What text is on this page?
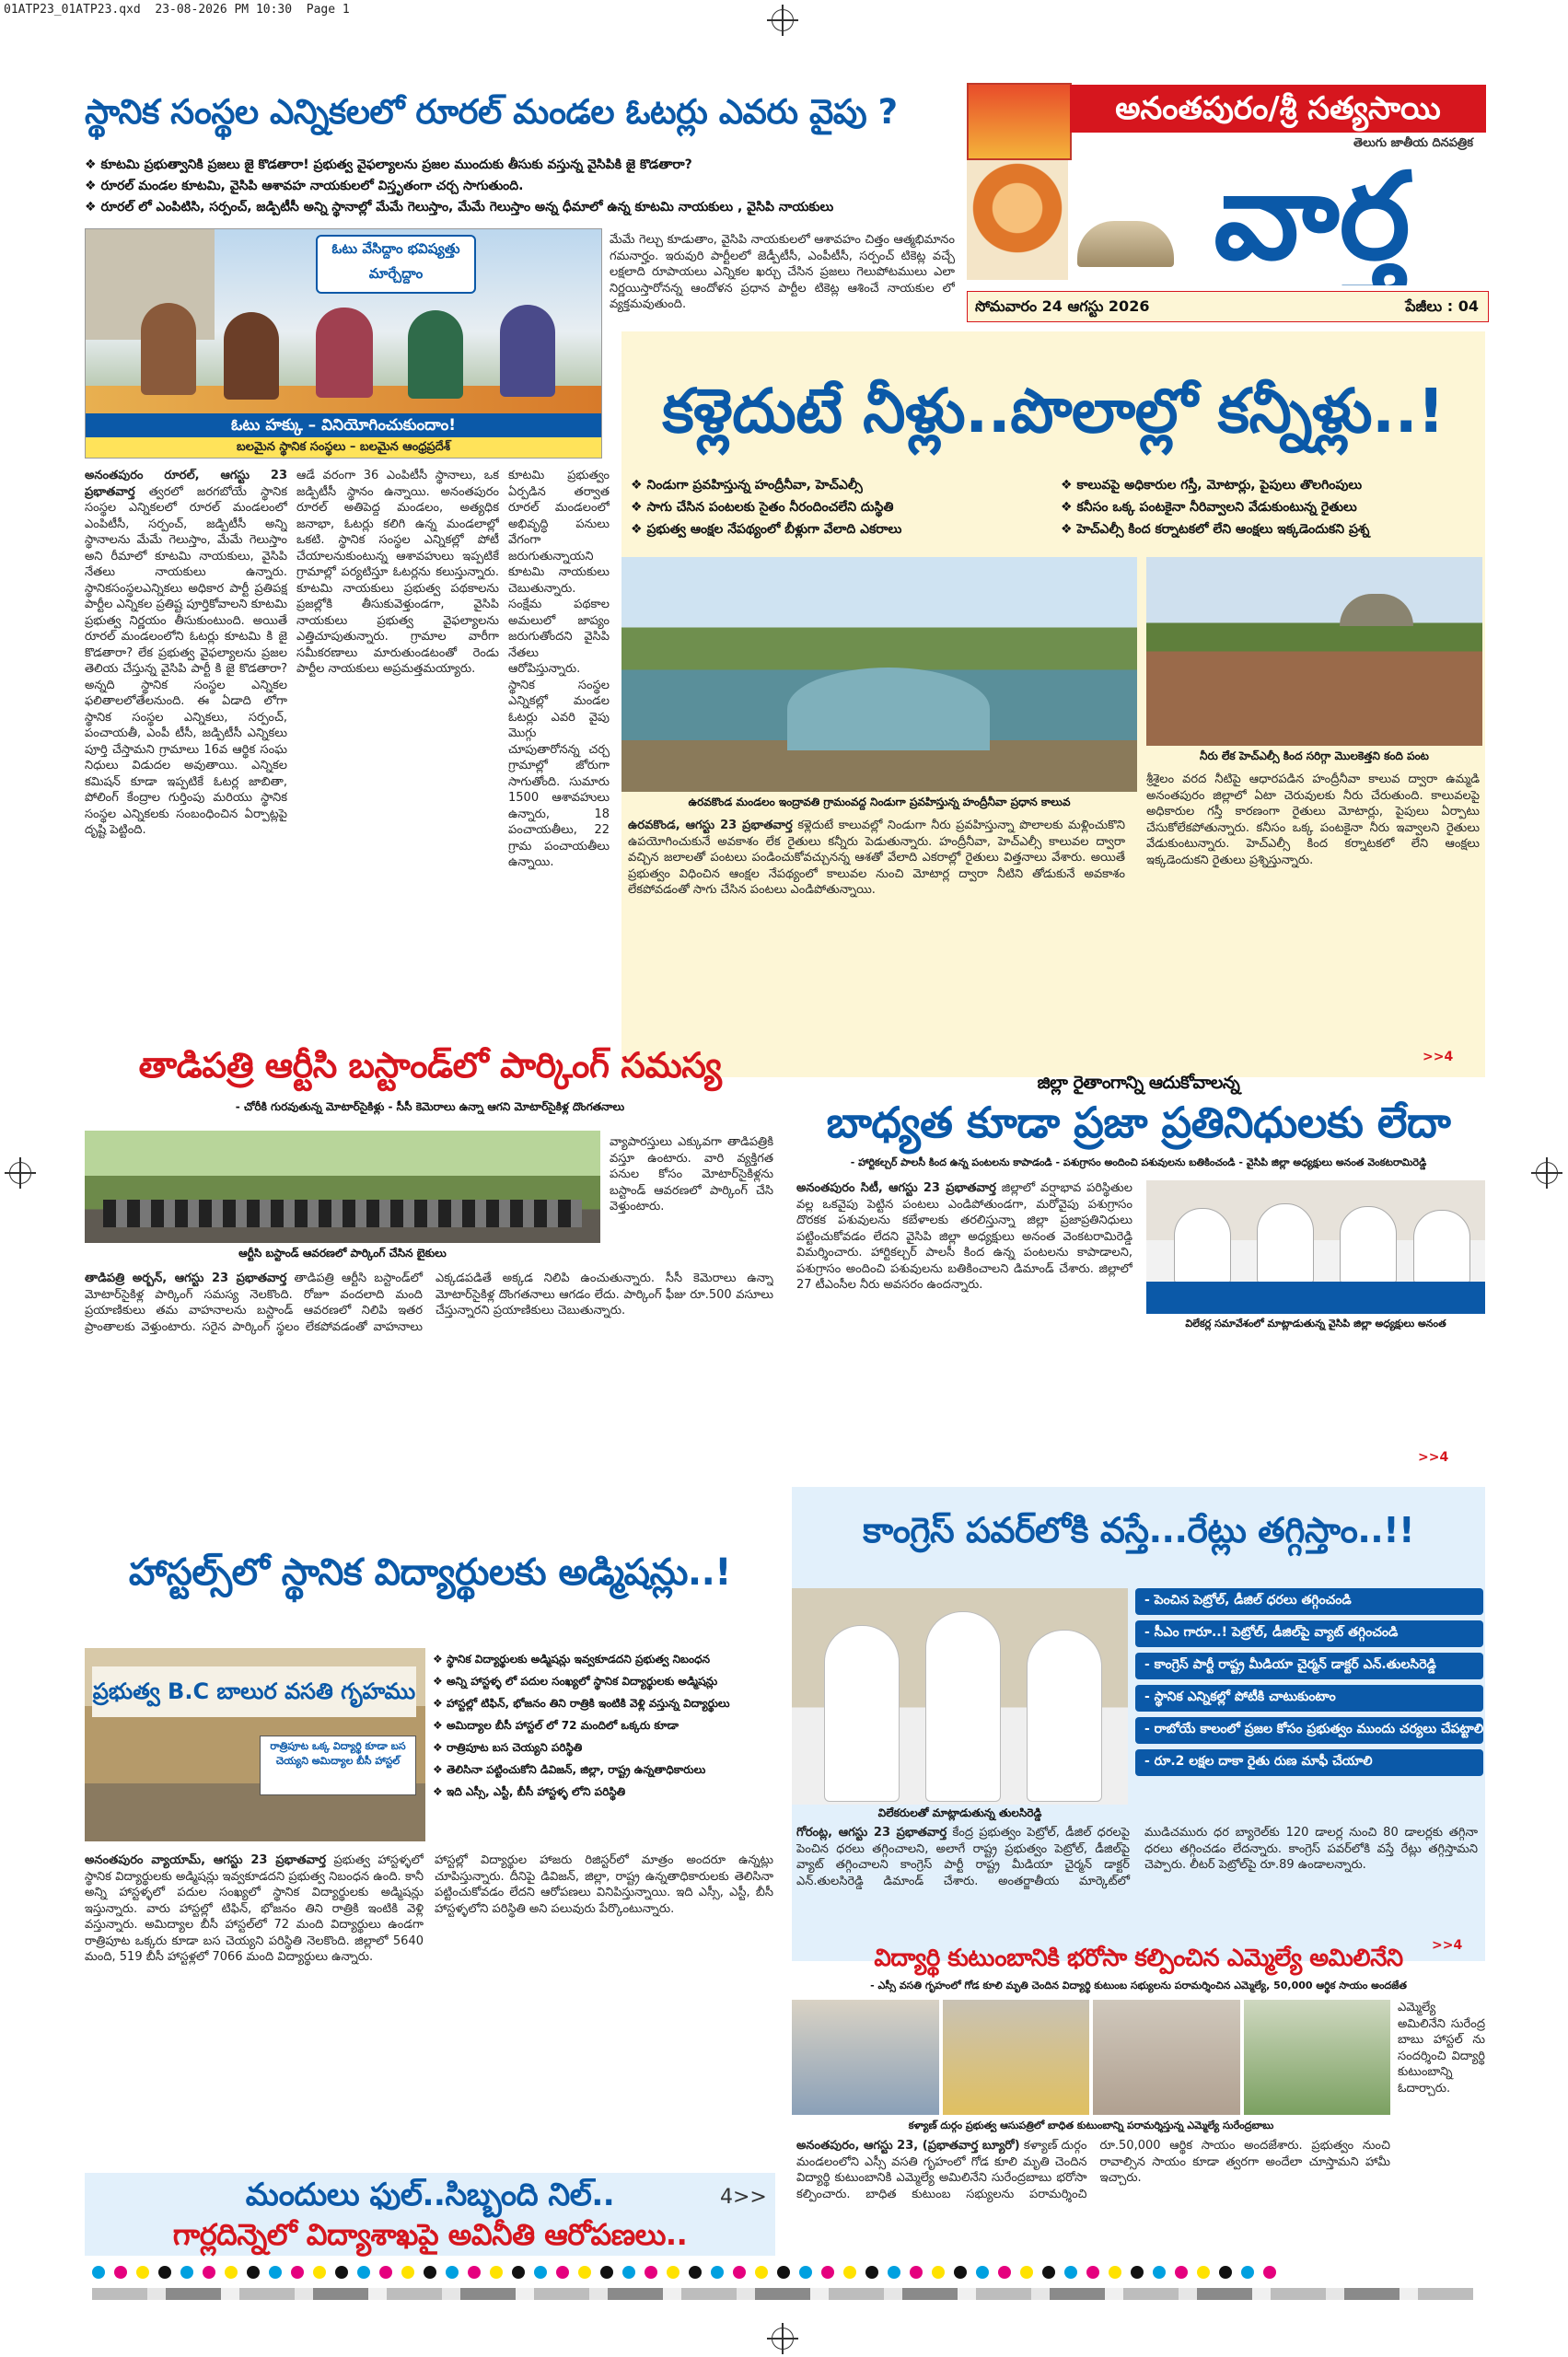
01ATP23_01ATP23.qxd 23-08-2026 PM 10:30 Page 1
స్థానిక సంస్థల ఎన్నికలలో రూరల్ మండల ఓటర్లు ఎవరు వైపు ?
❖ కూటమి ప్రభుత్వానికి ప్రజలు జై కొడతారా! ప్రభుత్వ వైఫల్యాలను ప్రజల ముందుకు తీసుకు వస్తున్న వైసిపికి జై కొడతారా?
❖ రూరల్ మండల కూటమి, వైసిపి ఆశావహ నాయకులలో విస్తృతంగా చర్చ సాగుతుంది.
❖ రూరల్ లో ఎంపిటిసి, సర్పంచ్, జడ్పిటీసీ అన్ని స్థానాల్లో మేమే గెలుస్తాం, మేమే గెలుస్తాం అన్న ధీమాలో ఉన్న కూటమి నాయకులు , వైసిపి నాయకులు
ఓటు వేసిద్దాం భవిష్యత్తు మార్చేద్దాం
ఓటు హక్కు – వినియోగించుకుందాం!
బలమైన స్థానిక సంస్థలు – బలమైన ఆంధ్రప్రదేశ్
మేమే గెల్చు కూడుతాం, వైసిపి నాయకులలో ఆశావహం చిత్త‌ం ఆత్మభిమానం గమనార్హం. ఇరువురి పార్టీలలో జెడ్పీటీసీ, ఎంపీటీసీ, సర్పంచ్ టికెట్ల వచ్చే లక్షలాది రూపాయలు ఎన్నికల ఖర్చు చేసిన ప్రజలు గెలుపోటములు ఎలా నిర్ణయిస్తారోనన్న ఆందోళన ప్రధాన పార్టీల టికెట్ల ఆశించే నాయకుల లో వ్యక్తమవుతుంది.
అనంతపురం రూరల్, ఆగస్టు 23 ప్రభాతవార్త త్వరలో జరగబోయే స్థానిక సంస్థల ఎన్నికలలో రూరల్ మండలంలో ఎంపిటీసీ, సర్పంచ్, జడ్పిటీసీ అన్ని స్థానాలను మేమే గెలుస్తాం, మేమే గెలుస్తాం అని రీమాలో కూటమి నాయకులు, వైసిపి నేతలు నాయకులు ఉన్నారు. స్థానికసంస్థలఎన్నికలు అధికార పార్టీ ప్రతిపక్ష పార్టీల ఎన్నికల ప్రతిష్ట పూర్తికోవాలని కూటమి ప్రభుత్వ నిర్ణయం తీసుకుంటుంది. అయితే రూరల్ మండలంలోని ఓటర్లు కూటమి కి జై కొడతారా? లేక ప్రభుత్వ వైఫల్యాలను ప్రజల తెలియ చేస్తున్న వైసిపి పార్టీ కి జై కొడతారా? అన్నది స్థానిక సంస్థల ఎన్నికల ఫలితాలలోతేలనుంది. ఈ ఏడాది లోగా స్థానిక సంస్థల ఎన్నికలు, సర్పంచ్, పంచాయతీ, ఎంపీ టీసీ, జడ్పిటీసీ ఎన్నికలు పూర్తి చేస్తామని గ్రామాలు 16వ ఆర్థిక సంఘ నిధులు విడుదల అవుతాయి. ఎన్నికల కమిషన్ కూడా ఇప్పటికే ఓటర్ల జాబితా, పోలింగ్ కేంద్రాల గుర్తింపు మరియు స్థానిక సంస్థల ఎన్నికలకు సంబంధించిన ఏర్పాట్లపై దృష్టి పెట్టింది.
ఆడే వరంగా 36 ఎంపిటీసీ స్థానాలు, ఒక జడ్పిటీసీ స్థానం ఉన్నాయి. అనంతపురం రూరల్ అతిపెద్ద మండలం, అత్యధిక జనాభా, ఓటర్లు కలిగి ఉన్న మండలాల్లో ఒకటి. స్థానిక సంస్థల ఎన్నికల్లో పోటీ చేయాలనుకుంటున్న ఆశావహులు ఇప్పటికే గ్రామాల్లో పర్యటిస్తూ ఓటర్లను కలుస్తున్నారు. కూటమి నాయకులు ప్రభుత్వ పథకాలను ప్రజల్లోకి తీసుకువెళ్తుండగా, వైసిపి నాయకులు ప్రభుత్వ వైఫల్యాలను ఎత్తిచూపుతున్నారు. గ్రామాల వారీగా సమీకరణాలు మారుతుండటంతో రెండు పార్టీల నాయకులు అప్రమత్తమయ్యారు.
కూటమి ప్రభుత్వం ఏర్పడిన తర్వాత రూరల్ మండలంలో అభివృద్ధి పనులు వేగంగా జరుగుతున్నాయని కూటమి నాయకులు చెబుతున్నారు. సంక్షేమ పథకాల అమలులో జాప్యం జరుగుతోందని వైసిపి నేతలు ఆరోపిస్తున్నారు. స్థానిక సంస్థల ఎన్నికల్లో మండల ఓటర్లు ఎవరి వైపు మొగ్గు చూపుతారోనన్న చర్చ గ్రామాల్లో జోరుగా సాగుతోంది. సుమారు 1500 ఆశావహులు ఉన్నారు, 18 పంచాయతీలు, 22 గ్రామ పంచాయతీలు ఉన్నాయి.
అనంతపురం/శ్రీ సత్యసాయి
తెలుగు జాతీయ దినపత్రిక
వార్త
సోమవారం 24 ఆగస్టు 2026	పేజీలు : 04
కళ్లెదుటే నీళ్లు..పొలాల్లో కన్నీళ్లు..!
❖ నిండుగా ప్రవహిస్తున్న హంద్రీనీవా, హెచ్ఎల్సీ
❖ సాగు చేసిన పంటలకు సైతం నీరందించలేని దుస్థితి
❖ ప్రభుత్వ ఆంక్షల నేపథ్యంలో బీళ్లుగా వేలాది ఎకరాలు
❖ కాలువపై అధికారుల గస్తీ, మోటార్లు, పైపులు తొలగింపులు
❖ కనీసం ఒక్క పంటకైనా నీరివ్వాలని వేడుకుంటున్న రైతులు
❖ హెచ్ఎల్సీ కింద కర్నాటకలో లేని ఆంక్షలు ఇక్కడెందుకని ప్రశ్న
ఉరవకొండ మండలం ఇంద్రావతి గ్రామంవద్ద నిండుగా ప్రవహిస్తున్న హంద్రీనీవా ప్రధాన కాలువ
నీరు లేక హెచ్ఎల్సీ కింద సరిగ్గా మొలకెత్తని కంది పంట
ఉరవకొండ, ఆగస్టు 23 ప్రభాతవార్త కళ్లెదుటే కాలువల్లో నిండుగా నీరు ప్రవహిస్తున్నా పొలాలకు మళ్లించుకొని ఉపయోగించుకునే అవకాశం లేక రైతులు కన్నీరు పెడుతున్నారు. హంద్రీనీవా, హెచ్ఎల్సీ కాలువల ద్వారా వచ్చిన జలాలతో పంటలు పండించుకోవచ్చునన్న ఆశతో వేలాది ఎకరాల్లో రైతులు విత్తనాలు వేశారు. అయితే ప్రభుత్వం విధించిన ఆంక్షల నేపథ్యంలో కాలువల నుంచి మోటార్ల ద్వారా నీటిని తోడుకునే అవకాశం లేకపోవడంతో సాగు చేసిన పంటలు ఎండిపోతున్నాయి.
శ్రీశైలం వరద నీటిపై ఆధారపడిన హంద్రీనీవా కాలువ ద్వారా ఉమ్మడి అనంతపురం జిల్లాలో ఏటా చెరువులకు నీరు చేరుతుంది. కాలువలపై అధికారుల గస్తీ కారణంగా రైతులు మోటార్లు, పైపులు ఏర్పాటు చేసుకోలేకపోతున్నారు. కనీసం ఒక్క పంటకైనా నీరు ఇవ్వాలని రైతులు వేడుకుంటున్నారు. హెచ్ఎల్సీ కింద కర్నాటకలో లేని ఆంక్షలు ఇక్కడెందుకని రైతులు ప్రశ్నిస్తున్నారు.
>>4
తాడిపత్రి ఆర్టీసి బస్టాండ్‌లో పార్కింగ్ సమస్య
- చోరీకి గురవుతున్న మోటార్‌సైకిళ్లు - సీసీ కెమెరాలు ఉన్నా ఆగని మోటార్‌సైకిళ్ల దొంగతనాలు
ఆర్టీసి బస్టాండ్ ఆవరణలో పార్కింగ్ చేసిన బైకులు
వ్యాపారస్తులు ఎక్కువగా తాడిపత్రికి వస్తూ ఉంటారు. వారి వ్యక్తిగత పనుల కోసం మోటార్‌సైకిళ్లను బస్టాండ్ ఆవరణలో పార్కింగ్ చేసి వెళ్తుంటారు.
తాడిపత్రి అర్బన్, ఆగస్టు 23 ప్రభాతవార్త తాడిపత్రి ఆర్టీసి బస్టాండ్‌లో మోటార్‌సైకిళ్ల పార్కింగ్ సమస్య నెలకొంది. రోజూ వందలాది మంది ప్రయాణికులు తమ వాహనాలను బస్టాండ్ ఆవరణలో నిలిపి ఇతర ప్రాంతాలకు వెళ్తుంటారు. సరైన పార్కింగ్ స్థలం లేకపోవడంతో వాహనాలు ఎక్కడపడితే అక్కడ నిలిపి ఉంచుతున్నారు. సీసీ కెమెరాలు ఉన్నా మోటార్‌సైకిళ్ల దొంగతనాలు ఆగడం లేదు. పార్కింగ్ ఫీజు రూ.500 వసూలు చేస్తున్నారని ప్రయాణికులు చెబుతున్నారు.
జిల్లా రైతాంగాన్ని ఆదుకోవాలన్న
బాధ్యత కూడా ప్రజా ప్రతినిధులకు లేదా
- హార్టికల్చర్ పాలసీ కింద ఉన్న పంటలను కాపాడండి - పశుగ్రాసం అందించి పశువులను బతికించండి - వైసిపి జిల్లా అధ్యక్షులు అనంత వెంకటరామిరెడ్డి
అనంతపురం సిటీ, ఆగస్టు 23 ప్రభాతవార్త జిల్లాలో వర్షాభావ పరిస్థితుల వల్ల ఒకవైపు పెట్టిన పంటలు ఎండిపోతుండగా, మరోవైపు పశుగ్రాసం దొరకక పశువులను కబేళాలకు తరలిస్తున్నా జిల్లా ప్రజాప్రతినిధులు పట్టించుకోవడం లేదని వైసిపి జిల్లా అధ్యక్షులు అనంత వెంకటరామిరెడ్డి విమర్శించారు. హార్టికల్చర్ పాలసీ కింద ఉన్న పంటలను కాపాడాలని, పశుగ్రాసం అందించి పశువులను బతికించాలని డిమాండ్ చేశారు. జిల్లాలో 27 టీఎంసీల నీరు అవసరం ఉందన్నారు.
విలేకర్ల సమావేశంలో మాట్లాడుతున్న వైసిపి జిల్లా అధ్యక్షులు అనంత
>>4
హాస్టల్స్‌లో స్థానిక విద్యార్థులకు అడ్మిషన్లు..!
ప్రభుత్వ B.C బాలుర వసతి గృహము
రాత్రిపూట ఒక్క విద్యార్థి కూడా బస చెయ్యని అమిద్యాల బీసీ హాస్టల్
❖ స్థానిక విద్యార్థులకు అడ్మిషన్లు ఇవ్వకూడదని ప్రభుత్వ నిబంధన
❖ అన్ని హాస్టళ్ళ లో పదుల సంఖ్యలో స్థానిక విద్యార్థులకు అడ్మిషన్లు
❖ హాస్టల్లో టిఫిన్, భోజనం తిని రాత్రికి ఇంటికి వెళ్లి వస్తున్న విద్యార్థులు
❖ అమిద్యాల బీసీ హాస్టల్ లో 72 మందిలో ఒక్కరు కూడా
❖ రాత్రిపూట బస చెయ్యని పరిస్థితి
❖ తెలిసినా పట్టించుకోని డివిజన్, జిల్లా, రాష్ట్ర ఉన్నతాధికారులు
❖ ఇది ఎస్సీ, ఎస్టీ, బీసీ హాస్టళ్ళ లోని పరిస్థితి
అనంతపురం వ్యాయామ్, ఆగస్టు 23 ప్రభాతవార్త ప్రభుత్వ హాస్టళ్ళలో స్థానిక విద్యార్థులకు అడ్మిషన్లు ఇవ్వకూడదని ప్రభుత్వ నిబంధన ఉంది. కానీ అన్ని హాస్టళ్ళలో పదుల సంఖ్యలో స్థానిక విద్యార్థులకు అడ్మిషన్లు ఇస్తున్నారు. వారు హాస్టల్లో టిఫిన్, భోజనం తిని రాత్రికి ఇంటికి వెళ్లి వస్తున్నారు. అమిద్యాల బీసీ హాస్టల్‌లో 72 మంది విద్యార్థులు ఉండగా రాత్రిపూట ఒక్కరు కూడా బస చెయ్యని పరిస్థితి నెలకొంది. జిల్లాలో 5640 మంది, 519 బీసీ హాస్టళ్లలో 7066 మంది విద్యార్థులు ఉన్నారు.
హాస్టల్లో విద్యార్థుల హాజరు రిజిస్టర్‌లో మాత్రం అందరూ ఉన్నట్లు చూపిస్తున్నారు. దీనిపై డివిజన్, జిల్లా, రాష్ట్ర ఉన్నతాధికారులకు తెలిసినా పట్టించుకోవడం లేదని ఆరోపణలు వినిపిస్తున్నాయి. ఇది ఎస్సీ, ఎస్టీ, బీసీ హాస్టళ్ళలోని పరిస్థితి అని పలువురు పేర్కొంటున్నారు.
కాంగ్రెస్ పవర్‌లోకి వస్తే...రేట్లు తగ్గిస్తాం..!!
విలేకరులతో మాట్లాడుతున్న తులసిరెడ్డి
- పెంచిన పెట్రోల్, డీజిల్ ధరలు తగ్గించండి
- సీఎం గారూ..! పెట్రోల్, డీజిల్‌పై వ్యాట్ తగ్గించండి
- కాంగ్రెస్ పార్టీ రాష్ట్ర మీడియా చైర్మన్ డాక్టర్ ఎన్.తులసిరెడ్డి
- స్థానిక ఎన్నికల్లో పోటీకి చాటుకుంటాం
- రాబోయే కాలంలో ప్రజల కోసం ప్రభుత్వం ముందు చర్యలు చేపట్టాలి
- రూ.2 లక్షల దాకా రైతు రుణ మాఫీ చేయాలి
గోరంట్ల, ఆగస్టు 23 ప్రభాతవార్త కేంద్ర ప్రభుత్వం పెట్రోల్, డీజిల్ ధరలపై పెంచిన ధరలు తగ్గించాలని, అలాగే రాష్ట్ర ప్రభుత్వం పెట్రోల్, డీజిల్‌పై వ్యాట్ తగ్గించాలని కాంగ్రెస్ పార్టీ రాష్ట్ర మీడియా చైర్మన్ డాక్టర్ ఎన్.తులసిరెడ్డి డిమాండ్ చేశారు. అంతర్జాతీయ మార్కెట్‌లో ముడిచమురు ధర బ్యారెల్‌కు 120 డాలర్ల నుంచి 80 డాలర్లకు తగ్గినా ధరలు తగ్గించడం లేదన్నారు. కాంగ్రెస్ పవర్‌లోకి వస్తే రేట్లు తగ్గిస్తామని చెప్పారు. లీటర్ పెట్రోల్‌పై రూ.89 ఉండాలన్నారు.
>>4
విద్యార్థి కుటుంబానికి భరోసా కల్పించిన ఎమ్మెల్యే అమిలినేని
- ఎస్సీ వసతి గృహంలో గోడ కూలి మృతి చెందిన విద్యార్థి కుటుంబ సభ్యులను పరామర్శించిన ఎమ్మెల్యే, 50,000 ఆర్థిక సాయం అందజేత
కళ్యాణ్ దుర్గం ప్రభుత్వ ఆసుపత్రిలో బాధిత కుటుంబాన్ని పరామర్శిస్తున్న ఎమ్మెల్యే సురేంద్రబాబు
ఎమ్మెల్యే అమిలినేని సురేంద్ర బాబు హాస్టల్ ను సందర్శించి విద్యార్థి కుటుంబాన్ని ఓదార్చారు.
అనంతపురం, ఆగస్టు 23, (ప్రభాతవార్త బ్యూరో) కళ్యాణ్ దుర్గం మండలంలోని ఎస్సీ వసతి గృహంలో గోడ కూలి మృతి చెందిన విద్యార్థి కుటుంబానికి ఎమ్మెల్యే అమిలినేని సురేంద్రబాబు భరోసా కల్పించారు. బాధిత కుటుంబ సభ్యులను పరామర్శించి రూ.50,000 ఆర్థిక సాయం అందజేశారు. ప్రభుత్వం నుంచి రావాల్సిన సాయం కూడా త్వరగా అందేలా చూస్తామని హామీ ఇచ్చారు.
మందులు ఫుల్..సిబ్బంది నిల్..
గార్లదిన్నెలో విద్యాశాఖపై అవినీతి ఆరోపణలు..
4>>
